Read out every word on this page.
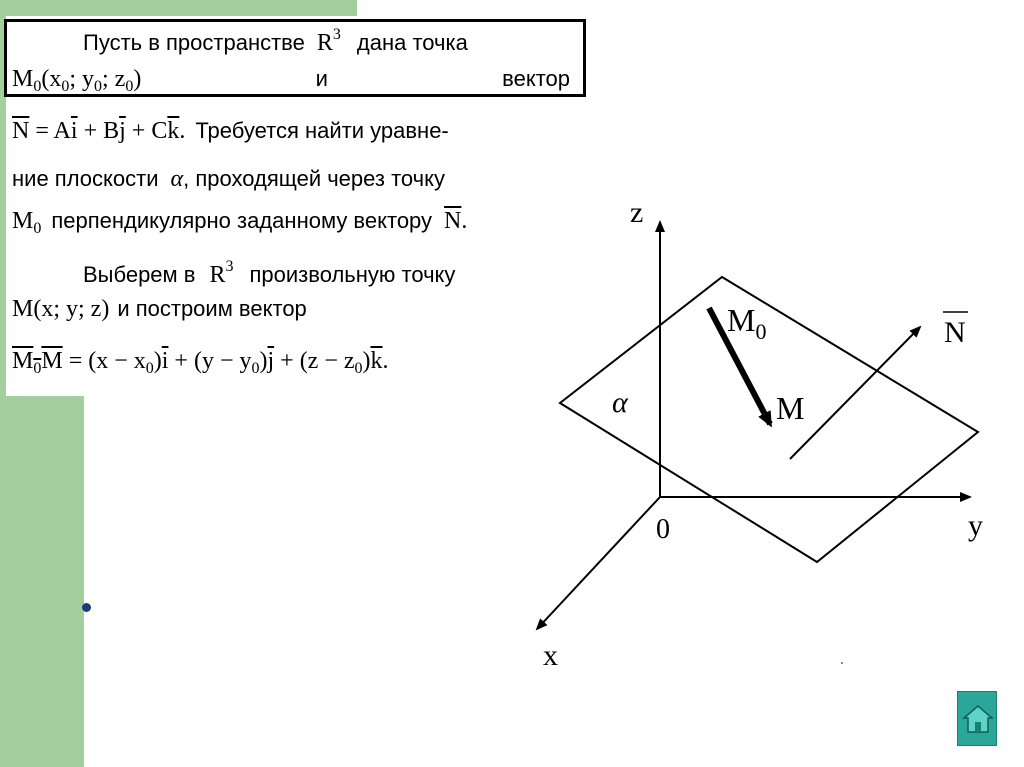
Пусть в пространстве R3 дана точка
$M_0(x_0$; $y_0$; $z_0$)	и	вектор
$\overline{N} = A\overline{i} + B\overline{j} + C\overline{k}$. Требуется найти уравне-
ние плоскости α, проходящей через точку
$M_0$ перпендикулярно заданному вектору $\overline{N}$.
Выберем в R3 произвольную точку
M(x; y; z) и построим вектор
$M_0M = (x - x_0)\overline{i} + (y - y_0)\overline{j} + (z - z_0)\overline{k}$.
z
y
x
0
α
$M_0$
M
N
